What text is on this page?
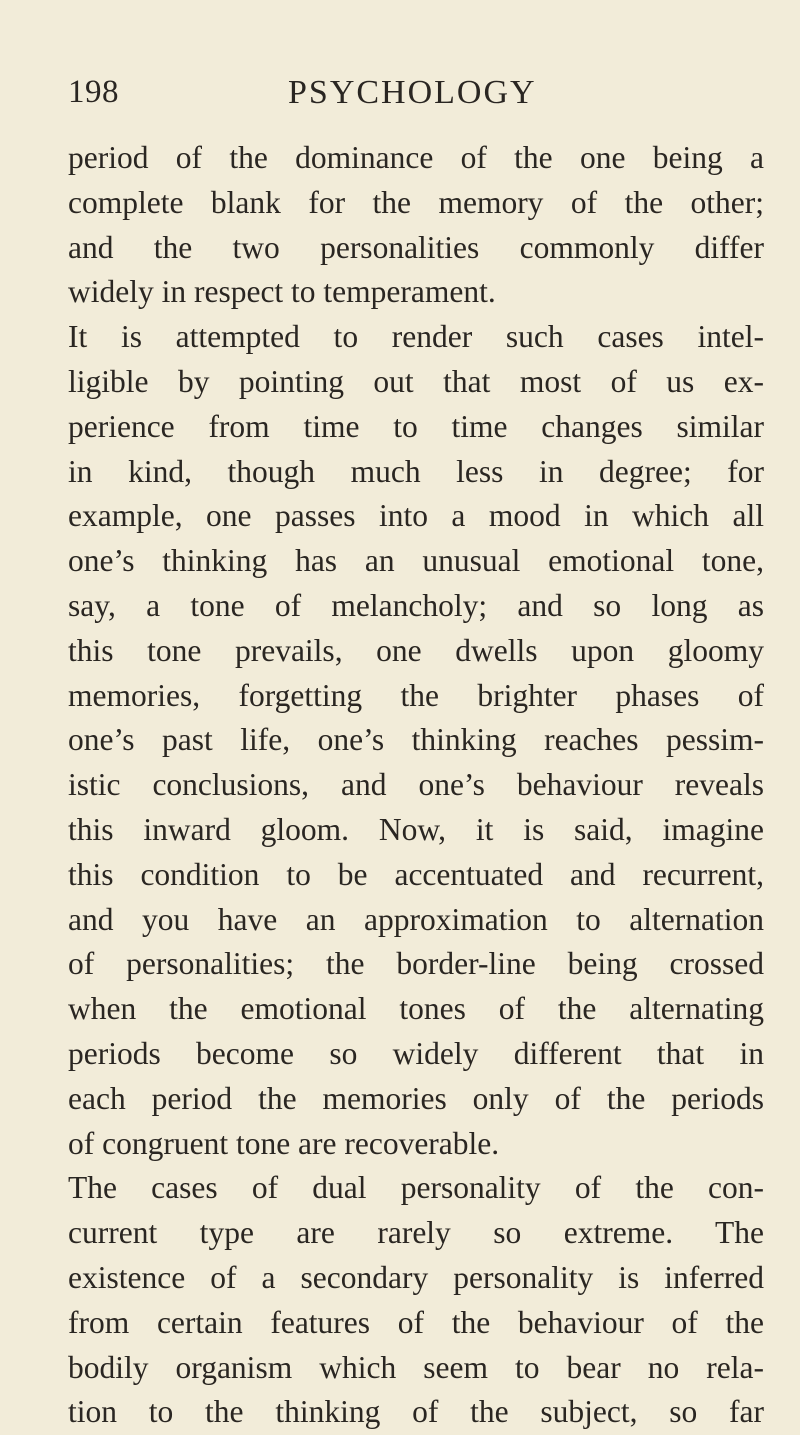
198	PSYCHOLOGY
period of the dominance of the one being a
complete blank for the memory of the other;
and the two personalities commonly differ
widely in respect to temperament.
It is attempted to render such cases intel-
ligible by pointing out that most of us ex-
perience from time to time changes similar
in kind, though much less in degree; for
example, one passes into a mood in which all
one’s thinking has an unusual emotional tone,
say, a tone of melancholy; and so long as
this tone prevails, one dwells upon gloomy
memories, forgetting the brighter phases of
one’s past life, one’s thinking reaches pessim-
istic conclusions, and one’s behaviour reveals
this inward gloom. Now, it is said, imagine
this condition to be accentuated and recurrent,
and you have an approximation to alternation
of personalities; the border-line being crossed
when the emotional tones of the alternating
periods become so widely different that in
each period the memories only of the periods
of congruent tone are recoverable.
The cases of dual personality of the con-
current type are rarely so extreme. The
existence of a secondary personality is inferred
from certain features of the behaviour of the
bodily organism which seem to bear no rela-
tion to the thinking of the subject, so far
